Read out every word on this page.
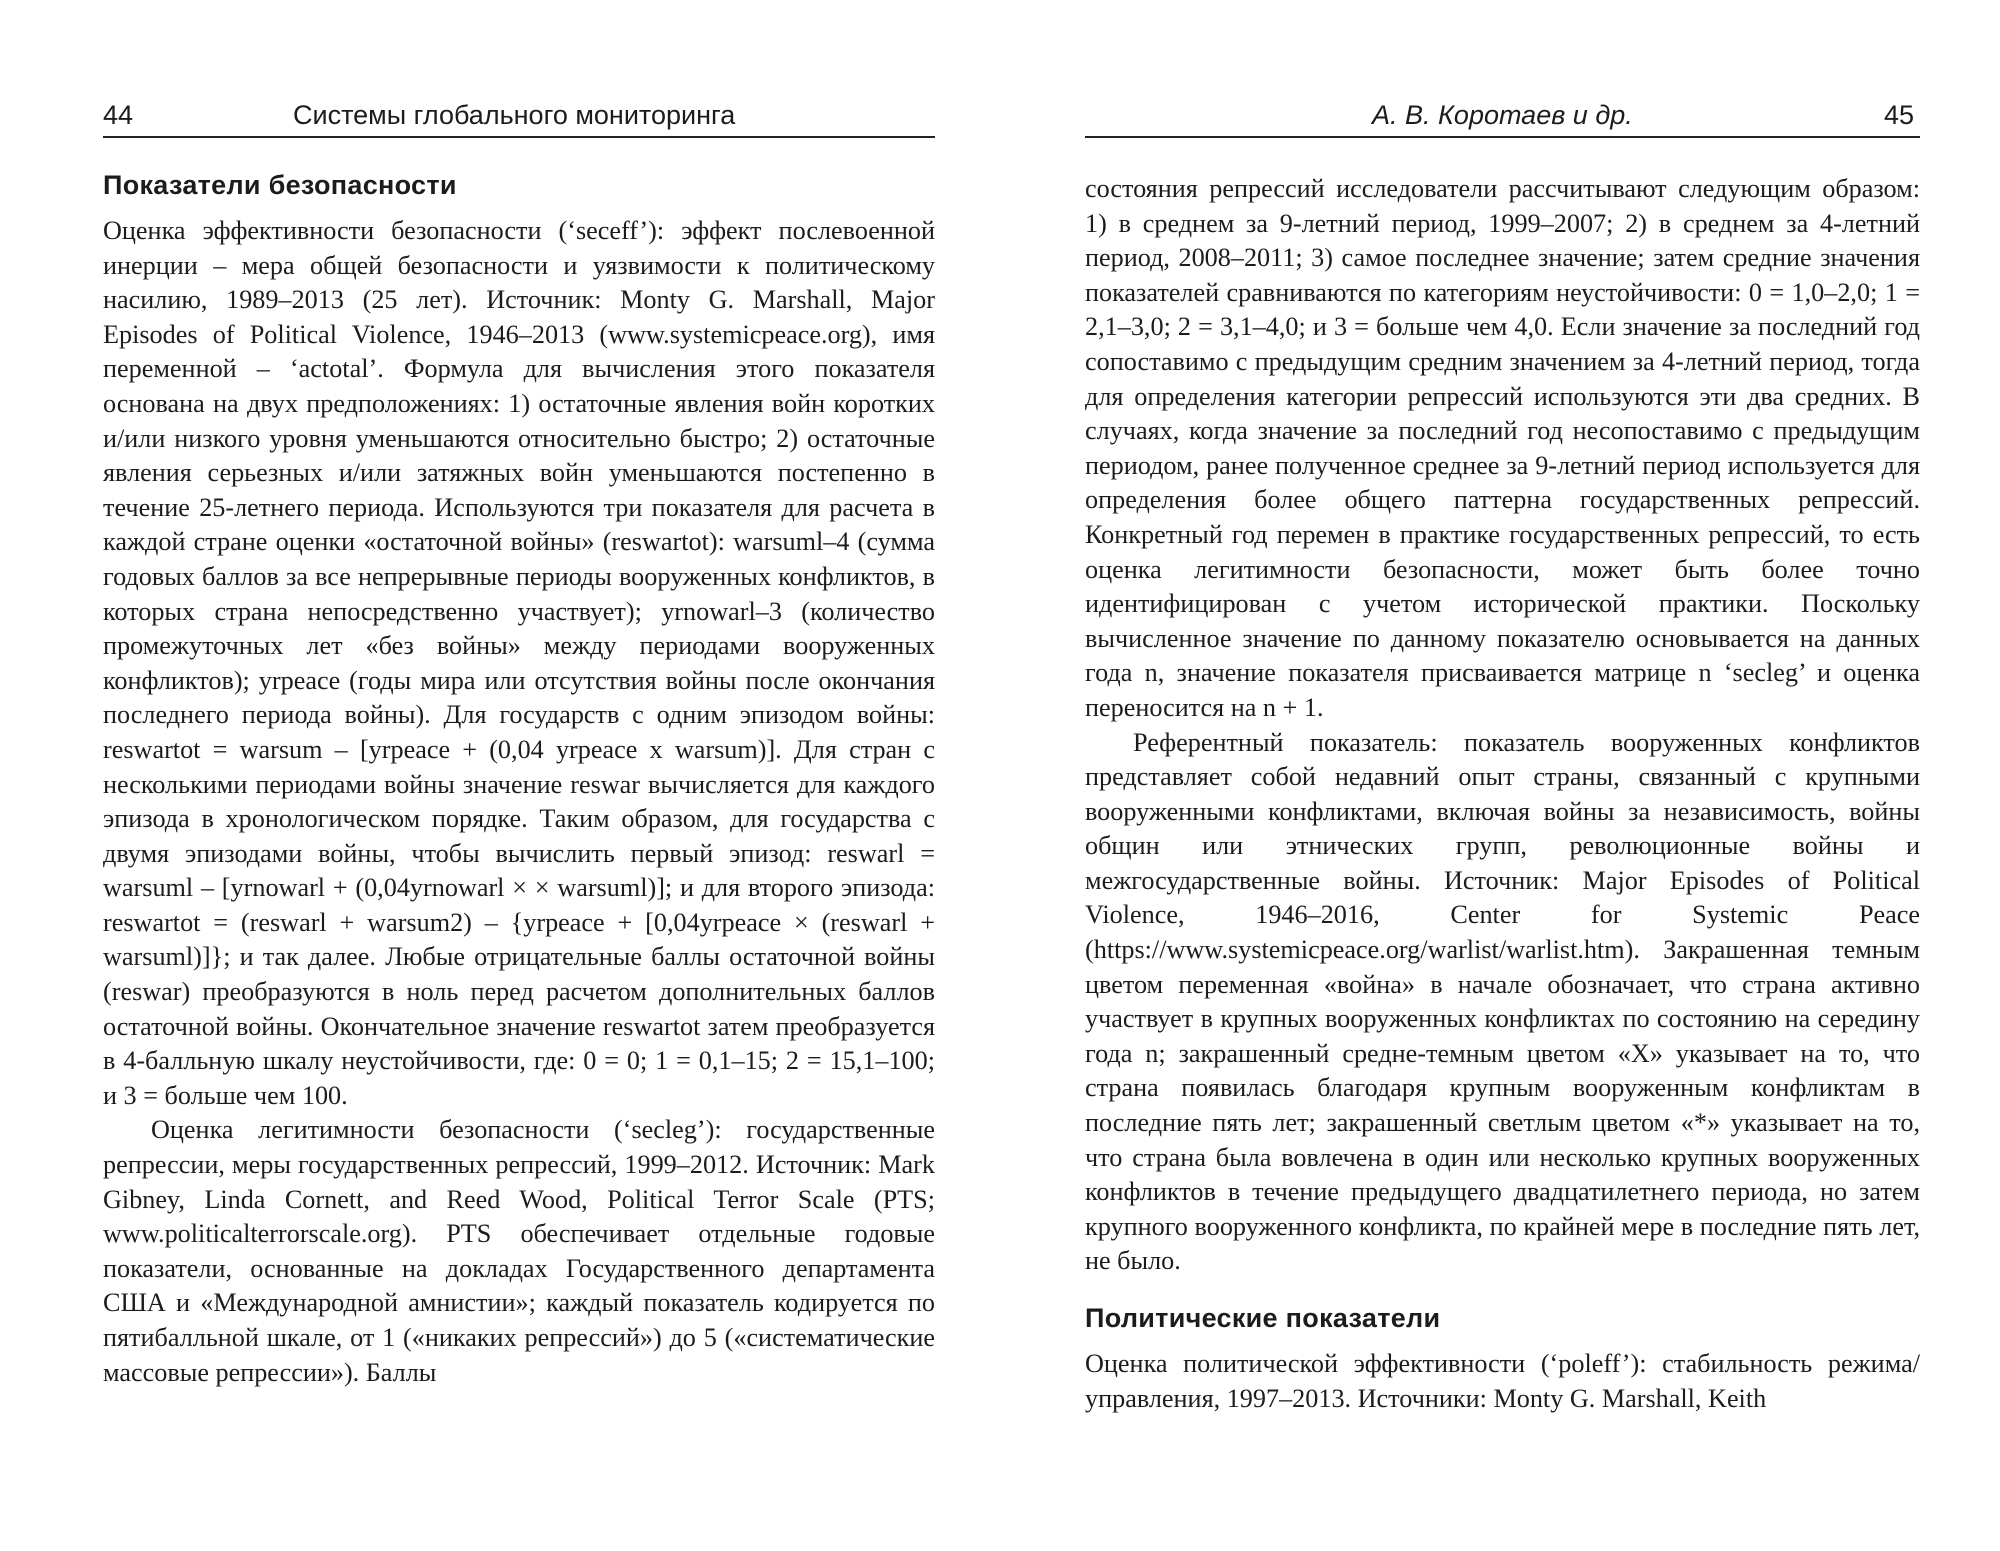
44	Системы глобального мониторинга
Показатели безопасности

Оценка эффективности безопасности (‘seceff’): эффект послевоенной инерции – мера общей безопасности и уязвимости к политическому насилию, 1989–2013 (25 лет). Источник: Monty G. Marshall, Major Episodes of Political Violence, 1946–2013 (www.systemicpeace.org), имя переменной – ‘actotal’. Формула для вычисления этого показателя основана на двух предположениях: 1) остаточные явления войн коротких и/или низкого уровня уменьшаются относительно быстро; 2) остаточные явления серьезных и/или затяжных войн уменьшаются постепенно в течение 25-летнего периода. Используются три показателя для расчета в каждой стране оценки «остаточной войны» (reswartot): warsuml–4 (сумма годовых баллов за все непрерывные периоды вооруженных конфликтов, в которых страна непосредственно участвует); yrnowarl–3 (количество промежуточных лет «без войны» между периодами вооруженных конфликтов); yrpeace (годы мира или отсутствия войны после окончания последнего периода войны). Для государств с одним эпизодом войны: reswartot = warsum – [yrpeace + (0,04 yrpeace x warsum)]. Для стран с несколькими периодами войны значение reswar вычисляется для каждого эпизода в хронологическом порядке. Таким образом, для государства с двумя эпизодами войны, чтобы вычислить первый эпизод: reswarl = warsuml – [yrnowarl + (0,04yrnowarl × × warsuml)]; и для второго эпизода: reswartot = (reswarl + warsum2) – {yrpeace + [0,04yrpeace × (reswarl + warsuml)]}; и так далее. Любые отрицательные баллы остаточной войны (reswar) преобразуются в ноль перед расчетом дополнительных баллов остаточной войны. Окончательное значение reswartot затем преобразуется в 4-балльную шкалу неустойчивости, где: 0 = 0; 1 = 0,1–15; 2 = 15,1–100; и 3 = больше чем 100.

Оценка легитимности безопасности (‘secleg’): государственные репрессии, меры государственных репрессий, 1999–2012. Источник: Mark Gibney, Linda Cornett, and Reed Wood, Political Terror Scale (PTS; www.politicalterrorscale.org). PTS обеспечивает отдельные годовые показатели, основанные на докладах Государственного департамента США и «Международной амнистии»; каждый показатель кодируется по пятибалльной шкале, от 1 («никаких репрессий») до 5 («систематические массовые репрессии»). Баллы

А. В. Коротаев и др.	45

состояния репрессий исследователи рассчитывают следующим образом: 1) в среднем за 9-летний период, 1999–2007; 2) в среднем за 4-летний период, 2008–2011; 3) самое последнее значение; затем средние значения показателей сравниваются по категориям неустойчивости: 0 = 1,0–2,0; 1 = 2,1–3,0; 2 = 3,1–4,0; и 3 = больше чем 4,0. Если значение за последний год сопоставимо с предыдущим средним значением за 4-летний период, тогда для определения категории репрессий используются эти два средних. В случаях, когда значение за последний год несопоставимо с предыдущим периодом, ранее полученное среднее за 9-летний период используется для определения более общего паттерна государственных репрессий. Конкретный год перемен в практике государственных репрессий, то есть оценка легитимности безопасности, может быть более точно идентифицирован с учетом исторической практики. Поскольку вычисленное значение по данному показателю основывается на данных года n, значение показателя присваивается матрице n ‘secleg’ и оценка переносится на n + 1.

Референтный показатель: показатель вооруженных конфликтов представляет собой недавний опыт страны, связанный с крупными вооруженными конфликтами, включая войны за независимость, войны общин или этнических групп, революционные войны и межгосударственные войны. Источник: Major Episodes of Political Violence, 1946–2016, Center for Systemic Peace (https://www.systemicpeace.org/warlist/warlist.htm). Закрашенная темным цветом переменная «война» в начале обозначает, что страна активно участвует в крупных вооруженных конфликтах по состоянию на середину года n; закрашенный средне-темным цветом «X» указывает на то, что страна появилась благодаря крупным вооруженным конфликтам в последние пять лет; закрашенный светлым цветом «*» указывает на то, что страна была вовлечена в один или несколько крупных вооруженных конфликтов в течение предыдущего двадцатилетнего периода, но затем крупного вооруженного конфликта, по крайней мере в последние пять лет, не было.

Политические показатели

Оценка политической эффективности (‘poleff’): стабильность режима/управления, 1997–2013. Источники: Monty G. Marshall, Keith
